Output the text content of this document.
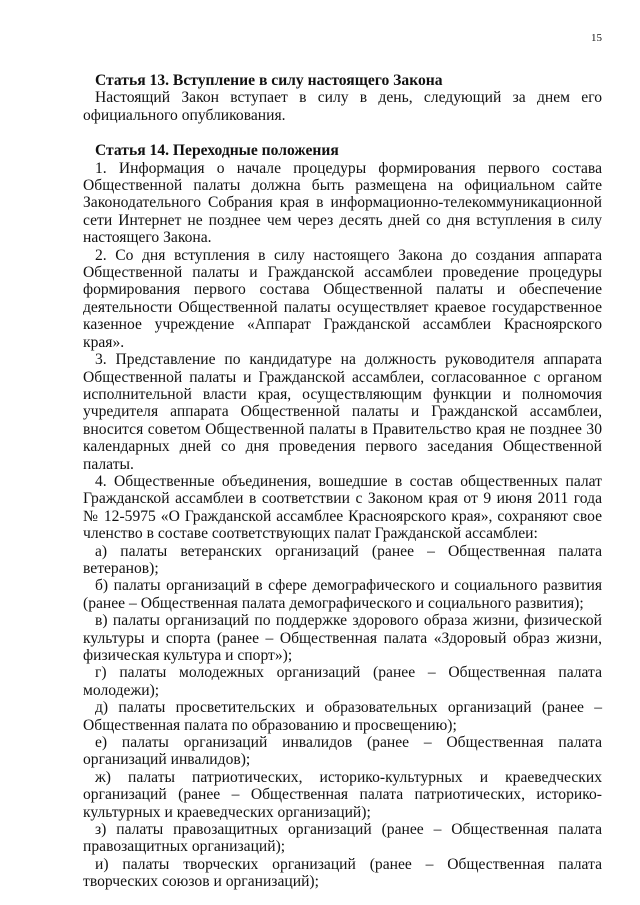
15

Статья 13. Вступление в силу настоящего Закона

Настоящий Закон вступает в силу в день, следующий за днем его официального опубликования.

Статья 14. Переходные положения

1. Информация о начале процедуры формирования первого состава Общественной палаты должна быть размещена на официальном сайте Законодательного Собрания края в информационно-телекоммуникационной сети Интернет не позднее чем через десять дней со дня вступления в силу настоящего Закона.

2. Со дня вступления в силу настоящего Закона до создания аппарата Общественной палаты и Гражданской ассамблеи проведение процедуры формирования первого состава Общественной палаты и обеспечение деятельности Общественной палаты осуществляет краевое государственное казенное учреждение «Аппарат Гражданской ассамблеи Красноярского края».

3. Представление по кандидатуре на должность руководителя аппарата Общественной палаты и Гражданской ассамблеи, согласованное с органом исполнительной власти края, осуществляющим функции и полномочия учредителя аппарата Общественной палаты и Гражданской ассамблеи, вносится советом Общественной палаты в Правительство края не позднее 30 календарных дней со дня проведения первого заседания Общественной палаты.

4. Общественные объединения, вошедшие в состав общественных палат Гражданской ассамблеи в соответствии с Законом края от 9 июня 2011 года № 12-5975 «О Гражданской ассамблее Красноярского края», сохраняют свое членство в составе соответствующих палат Гражданской ассамблеи:

а) палаты ветеранских организаций (ранее – Общественная палата ветеранов);

б) палаты организаций в сфере демографического и социального развития (ранее – Общественная палата демографического и социального развития);

в) палаты организаций по поддержке здорового образа жизни, физической культуры и спорта (ранее – Общественная палата «Здоровый образ жизни, физическая культура и спорт»);

г) палаты молодежных организаций (ранее – Общественная палата молодежи);

д) палаты просветительских и образовательных организаций (ранее – Общественная палата по образованию и просвещению);

е) палаты организаций инвалидов (ранее – Общественная палата организаций инвалидов);

ж) палаты патриотических, историко-культурных и краеведческих организаций (ранее – Общественная палата патриотических, историко-культурных и краеведческих организаций);

з) палаты правозащитных организаций (ранее – Общественная палата правозащитных организаций);

и) палаты творческих организаций (ранее – Общественная палата творческих союзов и организаций);
